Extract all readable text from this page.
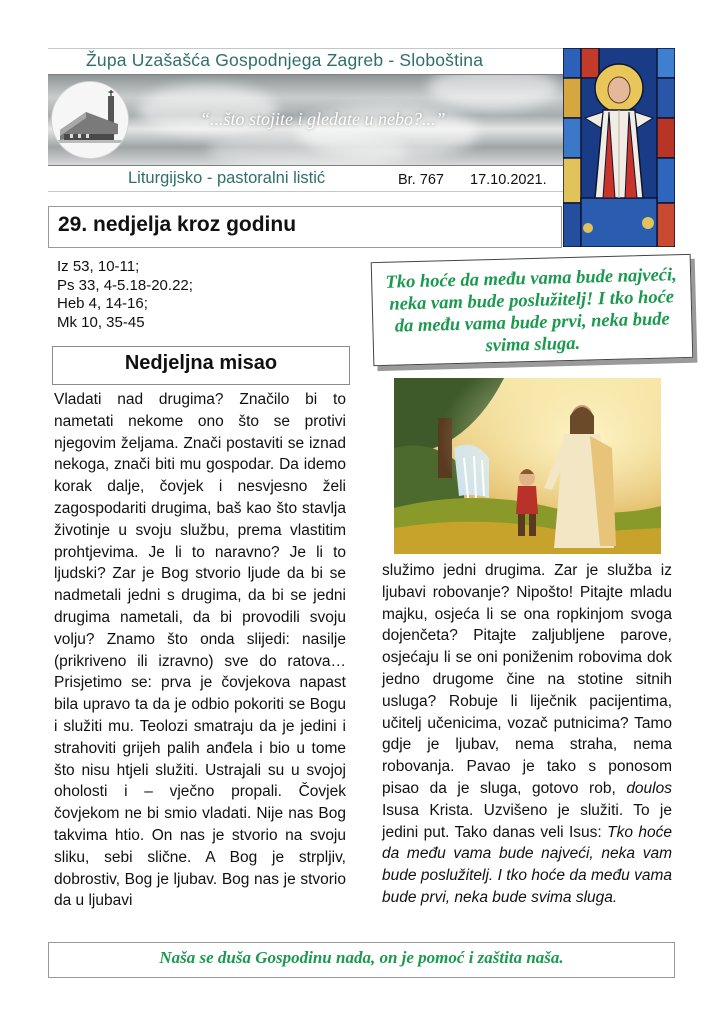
Župa Uzašašća Gospodnjega Zagreb - Sloboština
“...što stojite i gledate u nebo?...”
Liturgijsko - pastoralni listić	Br. 767 17.10.2021.
29. nedjelja kroz godinu
Iz 53, 10-11;
Ps 33, 4-5.18-20.22;
Heb 4, 14-16;
Mk 10, 35-45
Tko hoće da među vama bude najveći, neka vam bude poslužitelj! I tko hoće da među vama bude prvi, neka bude svima sluga.
Nedjeljna misao
Vladati nad drugima? Značilo bi to nametati nekome ono što se protivi njegovim željama. Znači postaviti se iznad nekoga, znači biti mu gospodar. Da idemo korak dalje, čovjek i nesvjesno želi zagospodariti drugima, baš kao što stavlja životinje u svoju službu, prema vlastitim prohtjevima. Je li to naravno? Je li to ljudski? Zar je Bog stvorio ljude da bi se nadmetali jedni s drugima, da bi se jedni drugima nametali, da bi provodili svoju volju? Znamo što onda slijedi: nasilje (prikriveno ili izravno) sve do ratova… Prisjetimo se: prva je čovjekova napast bila upravo ta da je odbio pokoriti se Bogu i služiti mu. Teolozi smatraju da je jedini i strahoviti grijeh palih anđela i bio u tome što nisu htjeli služiti. Ustrajali su u svojoj oholosti i – vječno propali. Čovjek čovjekom ne bi smio vladati. Nije nas Bog takvima htio. On nas je stvorio na svoju sliku, sebi slične. A Bog je strpljiv, dobrostiv, Bog je ljubav. Bog nas je stvorio da u ljubavi
služimo jedni drugima. Zar je služba iz ljubavi robovanje? Nipošto! Pitajte mladu majku, osjeća li se ona ropkinjom svoga dojenčeta? Pitajte zaljubljene parove, osjećaju li se oni poniženim robovima dok jedno drugome čine na stotine sitnih usluga? Robuje li liječnik pacijentima, učitelj učenicima, vozač putnicima? Tamo gdje je ljubav, nema straha, nema robovanja. Pavao je tako s ponosom pisao da je sluga, gotovo rob, doulos Isusa Krista. Uzvišeno je služiti. To je jedini put. Tako danas veli Isus: Tko hoće da među vama bude najveći, neka vam bude poslužitelj. I tko hoće da među vama bude prvi, neka bude svima sluga.
Naša se duša Gospodinu nada, on je pomoć i zaštita naša.
